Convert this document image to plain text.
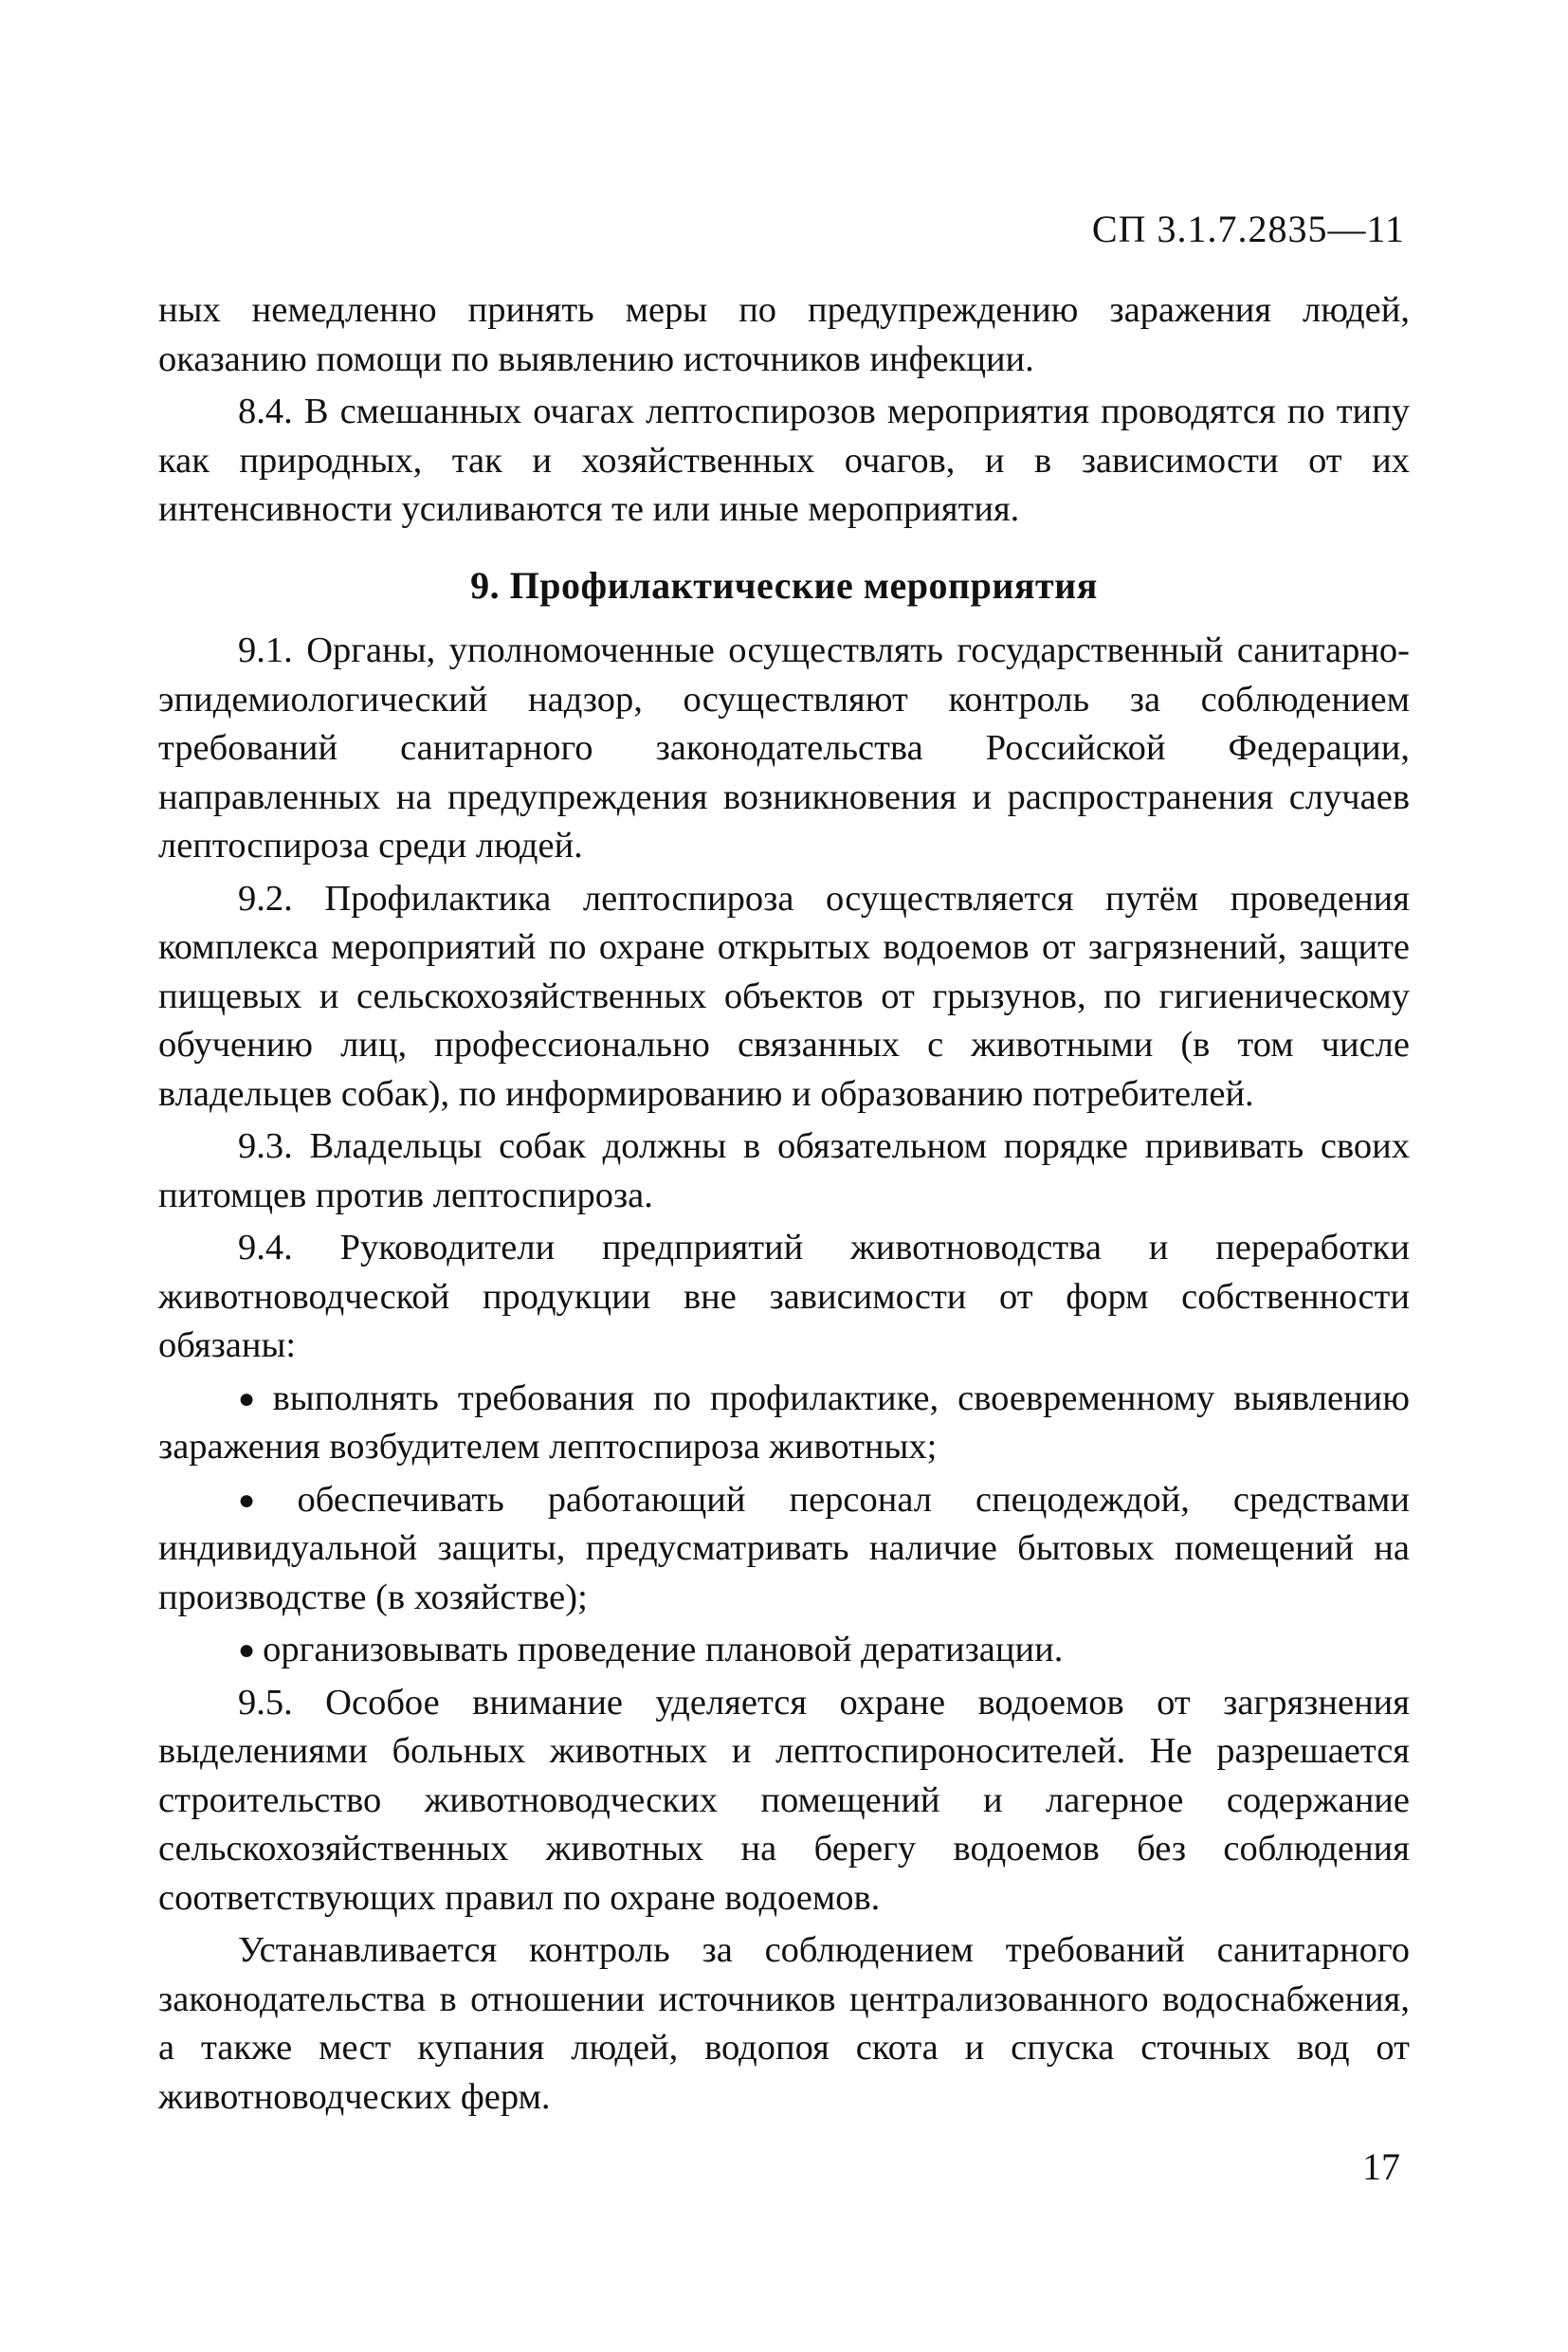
СП 3.1.7.2835—11

ных немедленно принять меры по предупреждению заражения людей, оказанию помощи по выявлению источников инфекции.

8.4. В смешанных очагах лептоспирозов мероприятия проводятся по типу как природных, так и хозяйственных очагов, и в зависимости от их интенсивности усиливаются те или иные мероприятия.

9. Профилактические мероприятия

9.1. Органы, уполномоченные осуществлять государственный санитарно-эпидемиологический надзор, осуществляют контроль за соблюдением требований санитарного законодательства Российской Федерации, направленных на предупреждения возникновения и распространения случаев лептоспироза среди людей.

9.2. Профилактика лептоспироза осуществляется путём проведения комплекса мероприятий по охране открытых водоемов от загрязнений, защите пищевых и сельскохозяйственных объектов от грызунов, по гигиеническому обучению лиц, профессионально связанных с животными (в том числе владельцев собак), по информированию и образованию потребителей.

9.3. Владельцы собак должны в обязательном порядке прививать своих питомцев против лептоспироза.

9.4. Руководители предприятий животноводства и переработки животноводческой продукции вне зависимости от форм собственности обязаны:

● выполнять требования по профилактике, своевременному выявлению заражения возбудителем лептоспироза животных;

● обеспечивать работающий персонал спецодеждой, средствами индивидуальной защиты, предусматривать наличие бытовых помещений на производстве (в хозяйстве);

● организовывать проведение плановой дератизации.

9.5. Особое внимание уделяется охране водоемов от загрязнения выделениями больных животных и лептоспироносителей. Не разрешается строительство животноводческих помещений и лагерное содержание сельскохозяйственных животных на берегу водоемов без соблюдения соответствующих правил по охране водоемов.

Устанавливается контроль за соблюдением требований санитарного законодательства в отношении источников централизованного водоснабжения, а также мест купания людей, водопоя скота и спуска сточных вод от животноводческих ферм.

17
